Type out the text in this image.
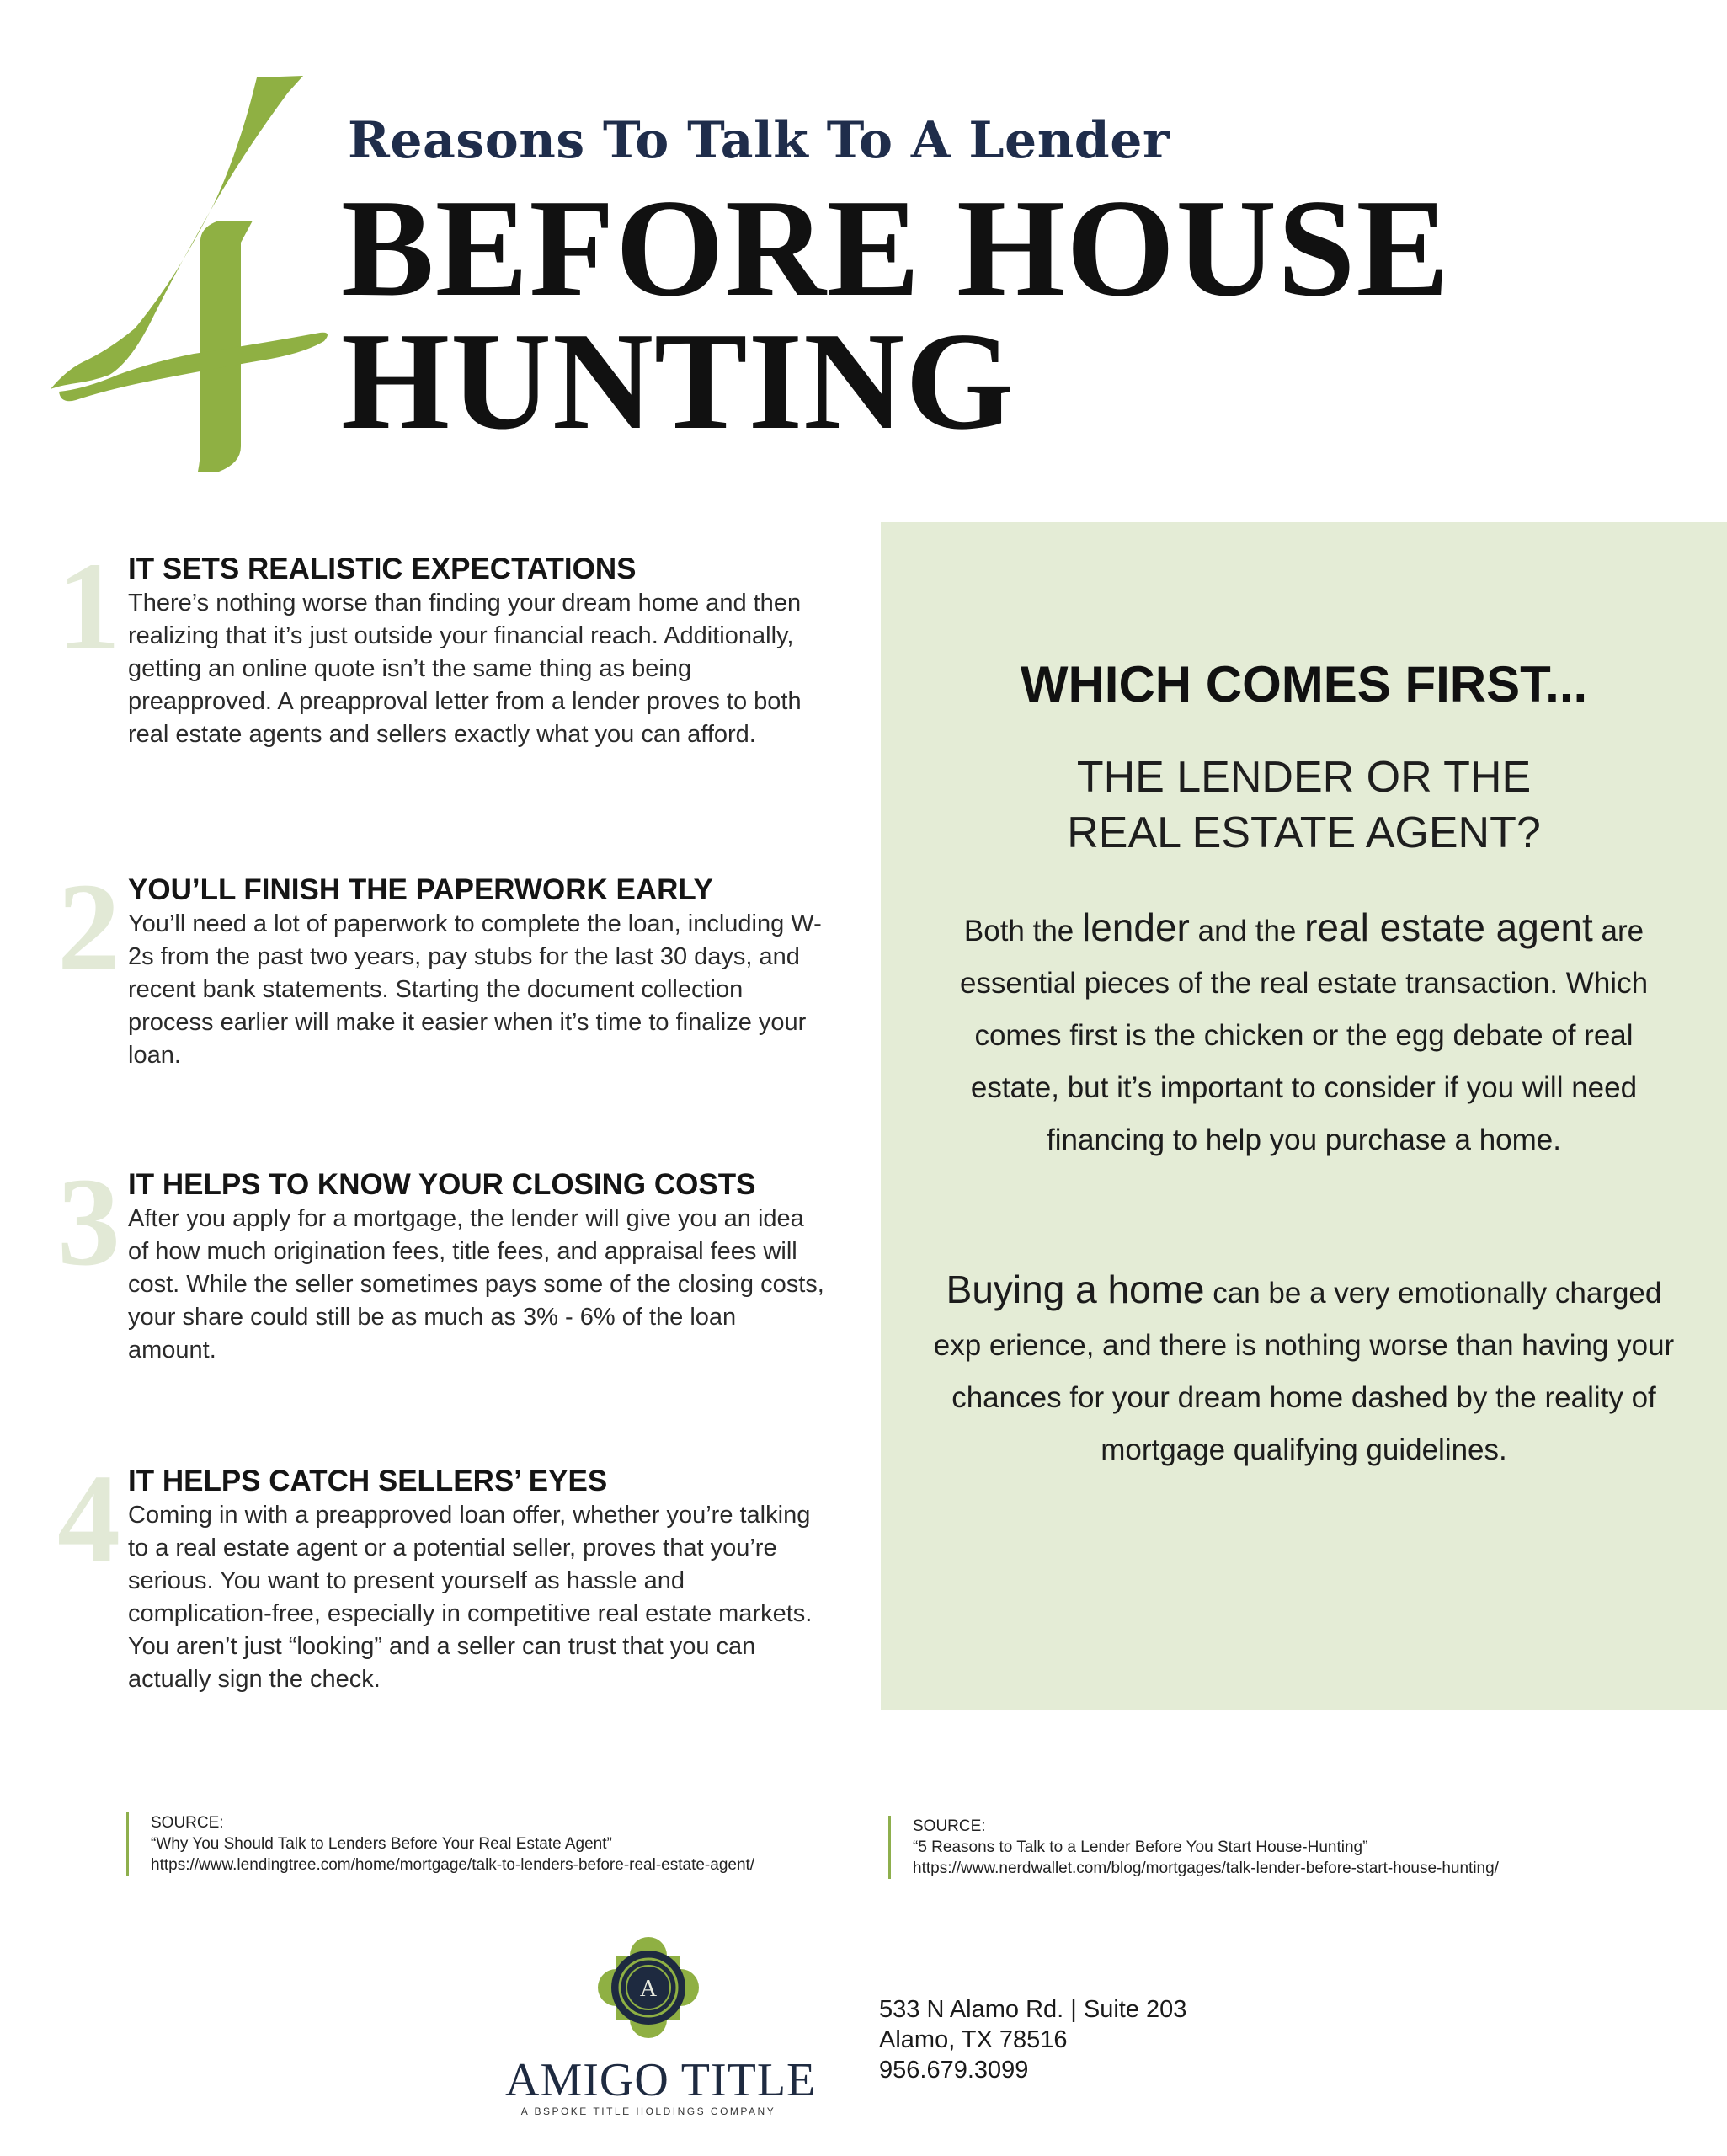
4
Reasons To Talk To A Lender
BEFORE HOUSE
HUNTING
1 IT SETS REALISTIC EXPECTATIONS

There’s nothing worse than finding your dream home and then realizing that it’s just outside your financial reach. Additionally, getting an online quote isn’t the same thing as being preapproved. A preapproval letter from a lender proves to both real estate agents and sellers exactly what you can afford.

2 YOU’LL FINISH THE PAPERWORK EARLY

You’ll need a lot of paperwork to complete the loan, including W-2s from the past two years, pay stubs for the last 30 days, and recent bank statements. Starting the document collection process earlier will make it easier when it’s time to finalize your loan.

3 IT HELPS TO KNOW YOUR CLOSING COSTS

After you apply for a mortgage, the lender will give you an idea of how much origination fees, title fees, and appraisal fees will cost. While the seller sometimes pays some of the closing costs, your share could still be as much as 3% - 6% of the loan amount.

4 IT HELPS CATCH SELLERS’ EYES

Coming in with a preapproved loan offer, whether you’re talking to a real estate agent or a potential seller, proves that you’re serious. You want to present yourself as hassle and complication-free, especially in competitive real estate markets. You aren’t just “looking” and a seller can trust that you can actually sign the check.

WHICH COMES FIRST...
THE LENDER OR THE
REAL ESTATE AGENT?

Both the lender and the real estate agent are essential pieces of the real estate transaction. Which comes first is the chicken or the egg debate of real estate, but it’s important to consider if you will need financing to help you purchase a home.

Buying a home can be a very emotionally charged exp erience, and there is nothing worse than having your chances for your dream home dashed by the reality of mortgage qualifying guidelines.

SOURCE:
“Why You Should Talk to Lenders Before Your Real Estate Agent”
https://www.lendingtree.com/home/mortgage/talk-to-lenders-before-real-estate-agent/
SOURCE:
“5 Reasons to Talk to a Lender Before You Start House-Hunting”
https://www.nerdwallet.com/blog/mortgages/talk-lender-before-start-house-hunting/
A
AMIGO TITLE
A BSPOKE TITLE HOLDINGS COMPANY
533 N Alamo Rd. | Suite 203
Alamo, TX 78516
956.679.3099
